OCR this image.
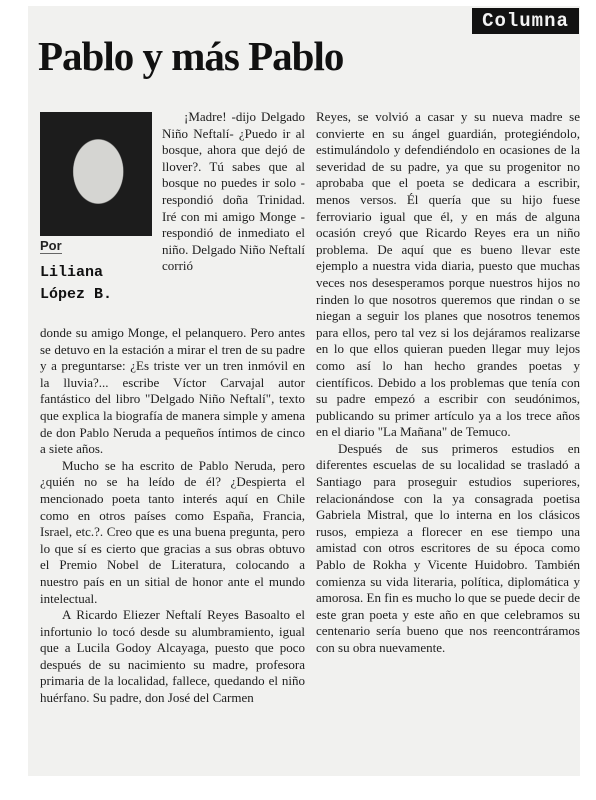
Columna
Pablo y más Pablo
Por
Liliana
López B.

¡Madre! -dijo Delgado Niño Neftalí- ¿Puedo ir al bosque, ahora que dejó de llover?. Tú sabes que al bosque no puedes ir solo -respondió doña Trinidad. Iré con mi amigo Monge -respondió de inmediato el niño. Delgado Niño Neftalí corrió

donde su amigo Monge, el pelanquero. Pero antes se detuvo en la estación a mirar el tren de su padre y a preguntarse: ¿Es triste ver un tren inmóvil en la lluvia?... escribe Víctor Carvajal autor fantástico del libro "Delgado Niño Neftalí", texto que explica la biografía de manera simple y amena de don Pablo Neruda a pequeños íntimos de cinco a siete años.

Mucho se ha escrito de Pablo Neruda, pero ¿quién no se ha leído de él? ¿Despierta el mencionado poeta tanto interés aquí en Chile como en otros países como España, Francia, Israel, etc.?. Creo que es una buena pregunta, pero lo que sí es cierto que gracias a sus obras obtuvo el Premio Nobel de Literatura, colocando a nuestro país en un sitial de honor ante el mundo intelectual.

A Ricardo Eliezer Neftalí Reyes Basoalto el infortunio lo tocó desde su alumbramiento, igual que a Lucila Godoy Alcayaga, puesto que poco después de su nacimiento su madre, profesora primaria de la localidad, fallece, quedando el niño huérfano. Su padre, don José del Carmen

Reyes, se volvió a casar y su nueva madre se convierte en su ángel guardián, protegiéndolo, estimulándolo y defendiéndolo en ocasiones de la severidad de su padre, ya que su progenitor no aprobaba que el poeta se dedicara a escribir, menos versos. Él quería que su hijo fuese ferroviario igual que él, y en más de alguna ocasión creyó que Ricardo Reyes era un niño problema. De aquí que es bueno llevar este ejemplo a nuestra vida diaria, puesto que muchas veces nos desesperamos porque nuestros hijos no rinden lo que nosotros queremos que rindan o se niegan a seguir los planes que nosotros tenemos para ellos, pero tal vez si los dejáramos realizarse en lo que ellos quieran pueden llegar muy lejos como así lo han hecho grandes poetas y científicos. Debido a los problemas que tenía con su padre empezó a escribir con seudónimos, publicando su primer artículo ya a los trece años en el diario "La Mañana" de Temuco.

Después de sus primeros estudios en diferentes escuelas de su localidad se trasladó a Santiago para proseguir estudios superiores, relacionándose con la ya consagrada poetisa Gabriela Mistral, que lo interna en los clásicos rusos, empieza a florecer en ese tiempo una amistad con otros escritores de su época como Pablo de Rokha y Vicente Huidobro. También comienza su vida literaria, política, diplomática y amorosa. En fin es mucho lo que se puede decir de este gran poeta y este año en que celebramos su centenario sería bueno que nos reencontráramos con su obra nuevamente.
